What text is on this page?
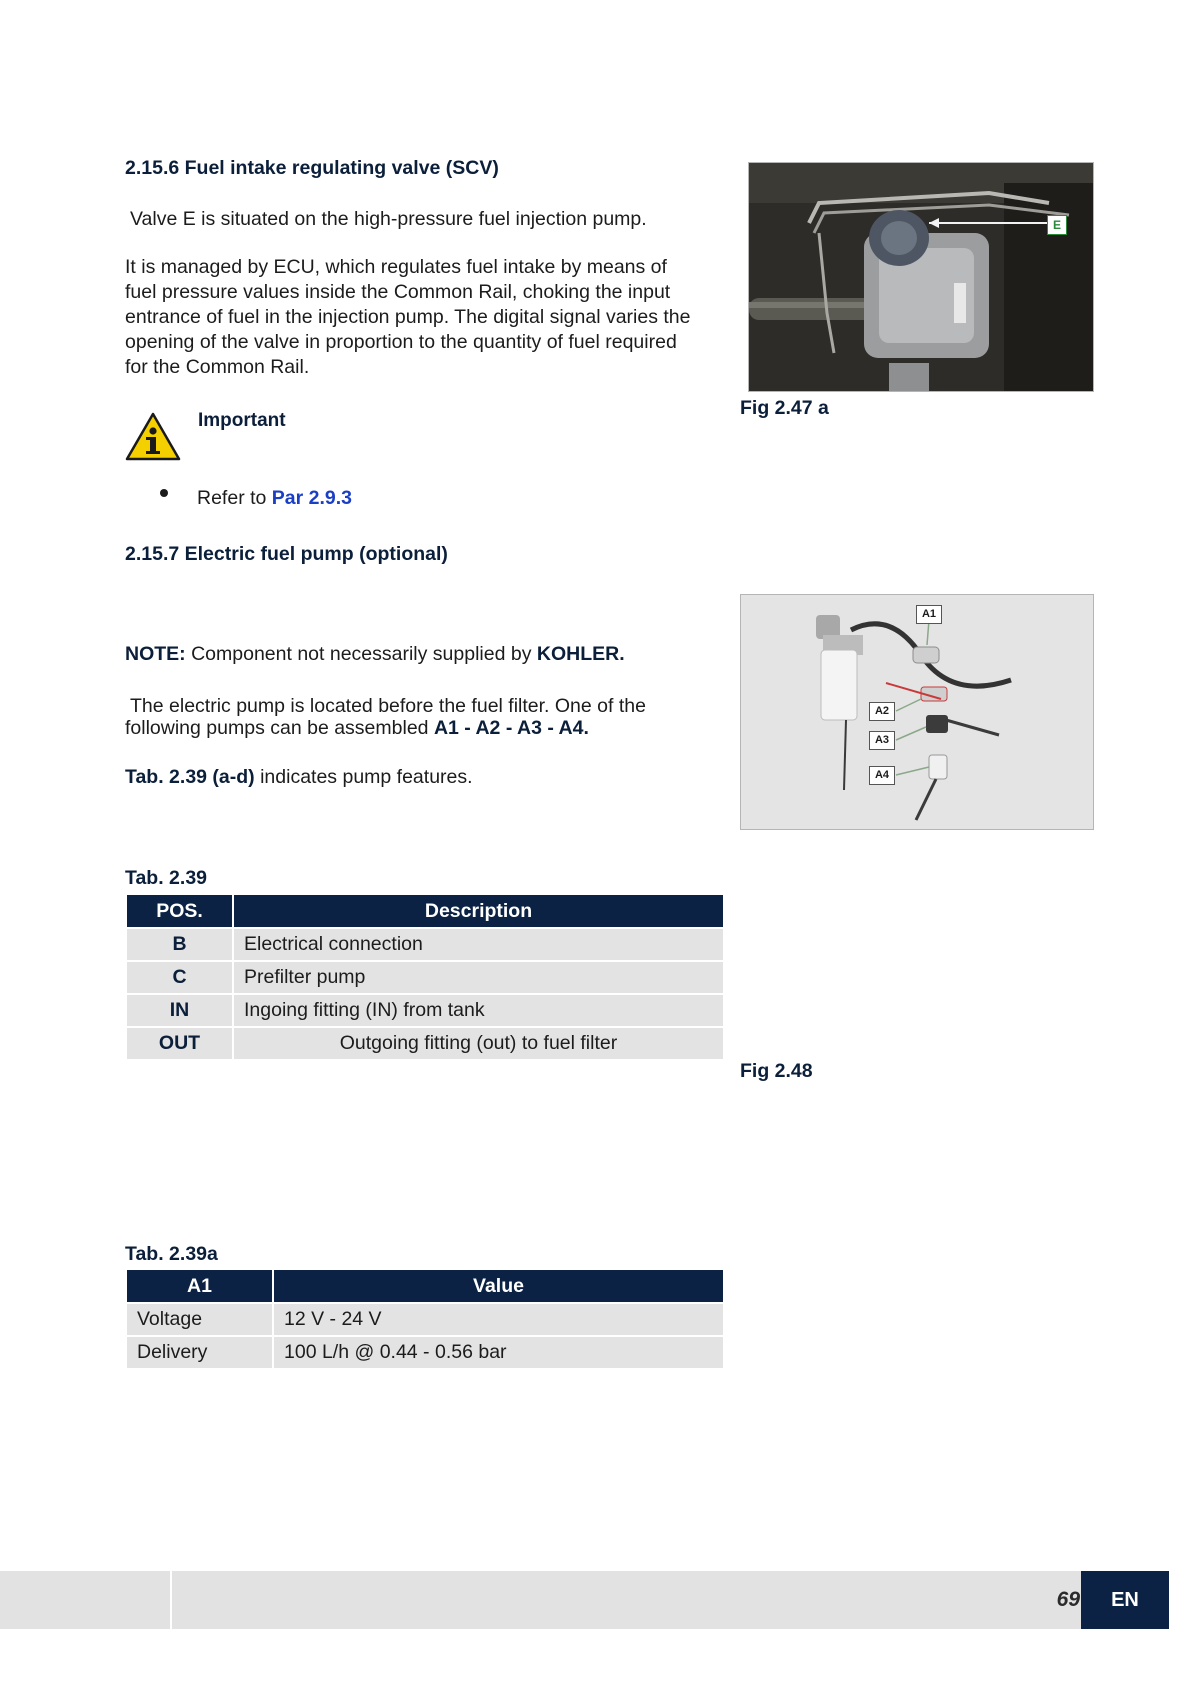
2.15.6 Fuel intake regulating valve (SCV)
Valve E is situated on the high-pressure fuel injection pump.
It is managed by ECU, which regulates fuel intake by means of
fuel pressure values inside the Common Rail, choking the input
entrance of fuel in the injection pump. The digital signal varies the
opening of the valve in proportion to the quantity of fuel required
for the Common Rail.
Important
Refer to Par 2.9.3
2.15.7 Electric fuel pump (optional)
NOTE: Component not necessarily supplied by KOHLER.
The electric pump is located before the fuel filter. One of the
following pumps can be assembled A1 - A2 - A3 - A4.
Tab. 2.39 (a-d) indicates pump features.
Tab. 2.39
POS.	Description
B	Electrical connection
C	Prefilter pump
IN	Ingoing fitting (IN) from tank
OUT	Outgoing fitting (out) to fuel filter
Tab. 2.39a
A1	Value
Voltage	12 V - 24 V
Delivery	100 L/h @ 0.44 - 0.56 bar
E
Fig 2.47 a
A1
A2
A3
A4
Fig 2.48
69	EN
